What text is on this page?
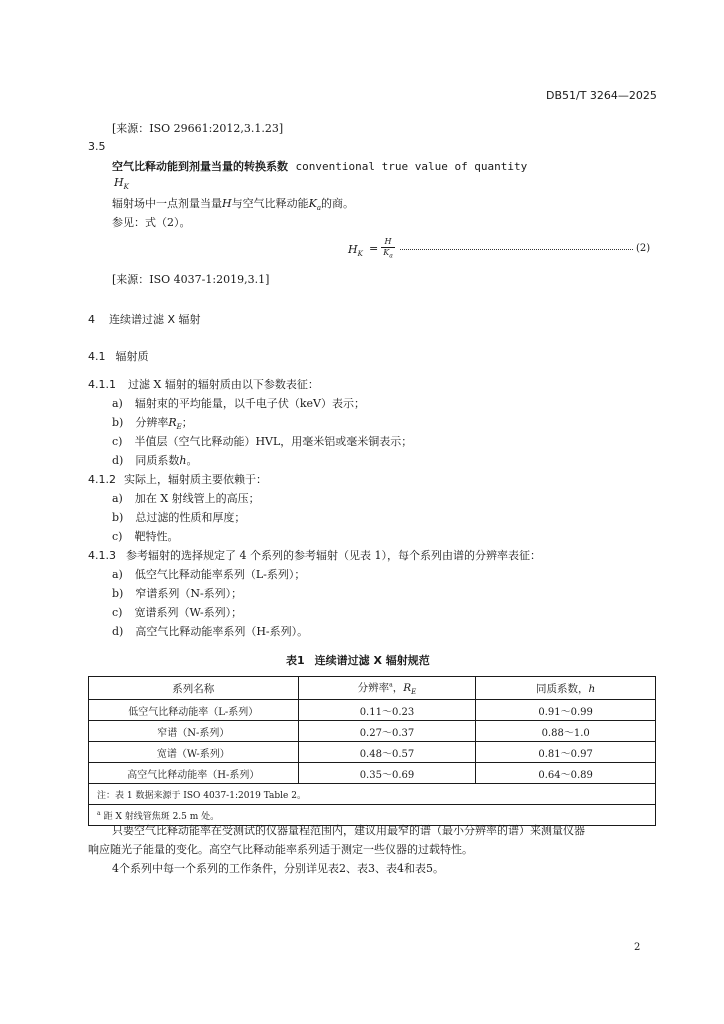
DB51/T 3264—2025
[来源：ISO 29661:2012,3.1.23]
3.5
空气比释动能到剂量当量的转换系数 conventional true value of quantity
$H_K$
辐射场中一点剂量当量H与空气比释动能$K_a$的商。
参见：式（2）。
$H_K$ =
H
$K_a$
(2)
[来源：ISO 4037-1:2019,3.1]
4 连续谱过滤 X 辐射
4.1 辐射质
4.1.1 过滤 X 辐射的辐射质由以下参数表征：
a) 辐射束的平均能量，以千电子伏（keV）表示；
b) 分辨率$R_E$；
c) 半值层（空气比释动能）HVL，用毫米铝或毫米铜表示；
d) 同质系数h。
4.1.2 实际上，辐射质主要依赖于：
a) 加在 X 射线管上的高压；
b) 总过滤的性质和厚度；
c) 靶特性。
4.1.3 参考辐射的选择规定了 4 个系列的参考辐射（见表 1），每个系列由谱的分辨率表征：
a) 低空气比释动能率系列（L-系列）；
b) 窄谱系列（N-系列）；
c) 宽谱系列（W-系列）；
d) 高空气比释动能率系列（H-系列）。
表1 连续谱过滤 X 辐射规范
系列名称	分辨率$^a$，$R_E$	同质系数，h
低空气比释动能率（L-系列）	0.11～0.23	0.91～0.99
窄谱（N-系列）	0.27～0.37	0.88～1.0
宽谱（W-系列）	0.48～0.57	0.81～0.97
高空气比释动能率（H-系列）	0.35～0.69	0.64～0.89
注：表 1 数据来源于 ISO 4037-1:2019 Table 2。		
$^a$ 距 X 射线管焦斑 2.5 m 处。		
只要空气比释动能率在受测试的仪器量程范围内，建议用最窄的谱（最小分辨率的谱）来测量仪器
响应随光子能量的变化。高空气比释动能率系列适于测定一些仪器的过载特性。
4个系列中每一个系列的工作条件，分别详见表2、表3、表4和表5。
2
